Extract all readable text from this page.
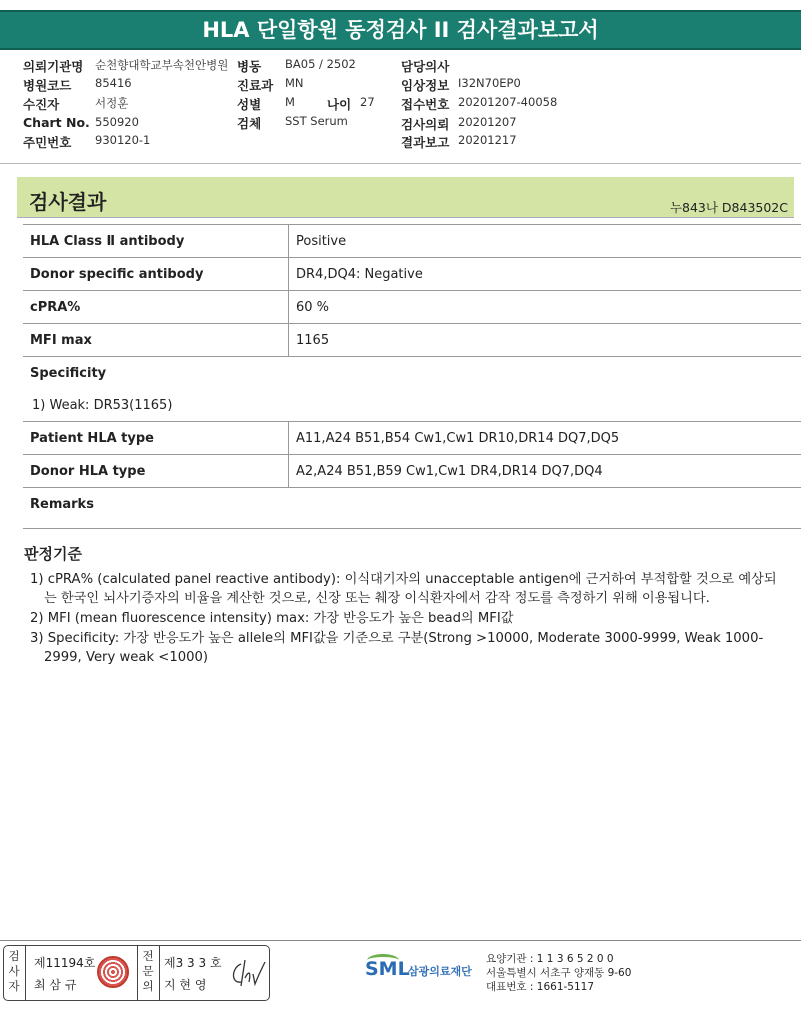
HLA 단일항원 동정검사 II 검사결과보고서
의뢰기관명 순천향대학교부속천안병원
병원코드 85416
수진자	서정훈
Chart No. 550920
주민번호 930120-1
병동 BA05 / 2502
진료과 MN
성별 M	나이 27
검체 SST Serum
담당의사
임상정보 I32N70EP0
접수번호 20201207-40058
검사의뢰 20201207
결과보고 20201217
검사결과	누843나 D843502C
HLA Class Ⅱ antibody	Positive
Donor specific antibody	DR4,DQ4: Negative
cPRA%	60 %
MFI max	1165
Specificity
1) Weak: DR53(1165)
Patient HLA type	A11,A24 B51,B54 Cw1,Cw1 DR10,DR14 DQ7,DQ5
Donor HLA type	A2,A24 B51,B59 Cw1,Cw1 DR4,DR14 DQ7,DQ4
Remarks
판정기준
1) cPRA% (calculated panel reactive antibody): 이식대기자의 unacceptable antigen에 근거하여 부적합할 것으로 예상되는 한국인 뇌사기증자의 비율을 계산한 것으로, 신장 또는 췌장 이식환자에서 감작 정도를 측정하기 위해 이용됩니다.
2) MFI (mean fluorescence intensity) max: 가장 반응도가 높은 bead의 MFI값
3) Specificity: 가장 반응도가 높은 allele의 MFI값을 기준으로 구분(Strong >10000, Moderate 3000-9999, Weak 1000-2999, Very weak <1000)
검
사
자
제11194호
최 삼 규
전
문
의
제3 3 3 호
지 현 영
SML
삼광의료재단
요양기관 : 1 1 3 6 5 2 0 0
서울특별시 서초구 양재동 9-60
대표번호 : 1661-5117
